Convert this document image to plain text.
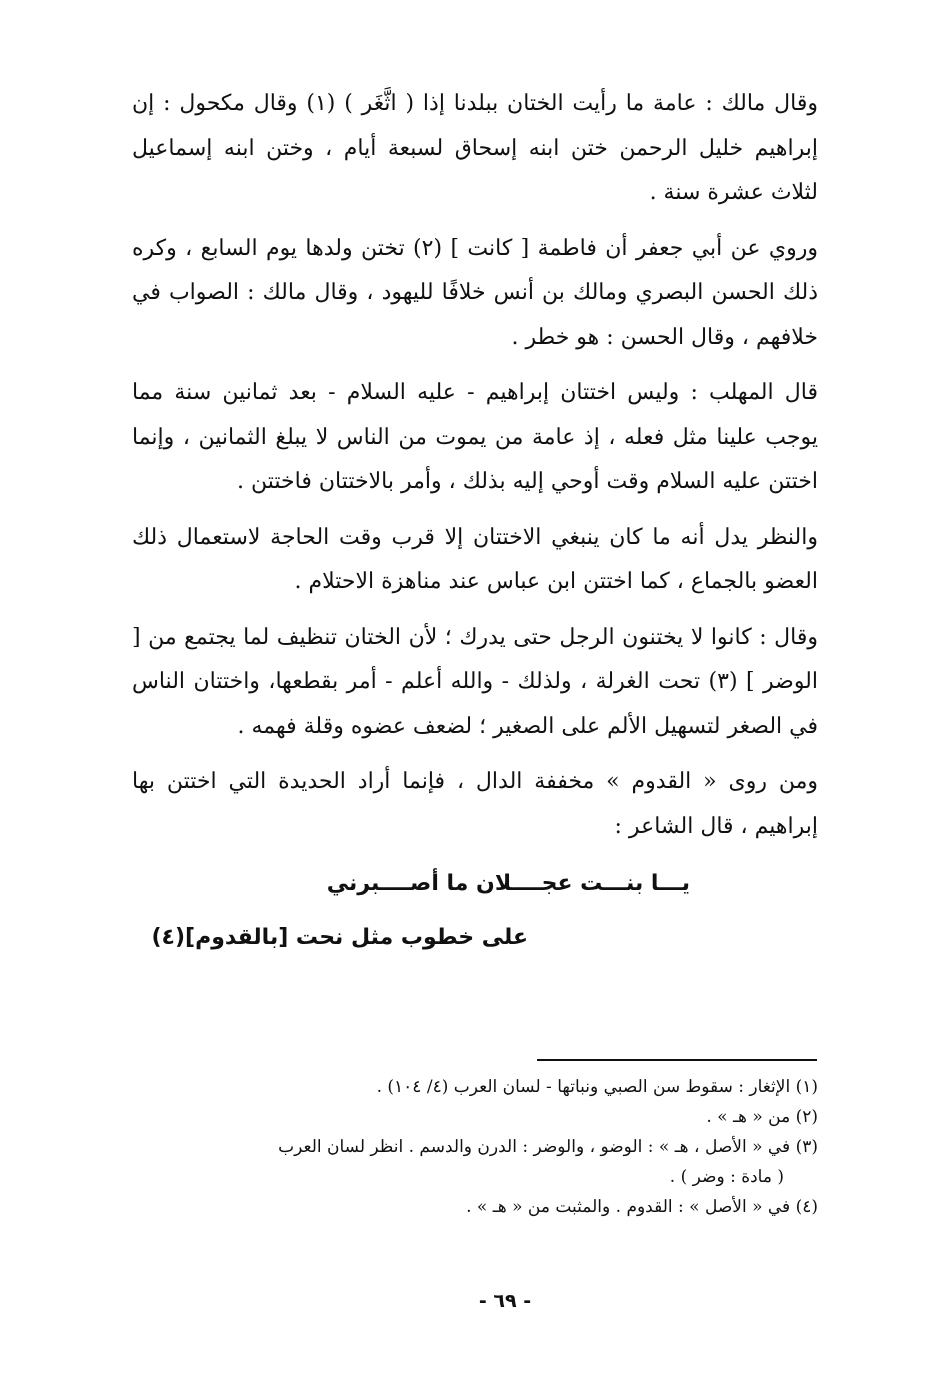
وقال مالك : عامة ما رأيت الختان ببلدنا إذا ( اثَّغَر ) (١) وقال مكحول : إن إبراهيم خليل الرحمن ختن ابنه إسحاق لسبعة أيام ، وختن ابنه إسماعيل لثلاث عشرة سنة .

وروي عن أبي جعفر أن فاطمة [ كانت ] (٢) تختن ولدها يوم السابع ، وكره ذلك الحسن البصري ومالك بن أنس خلافًا لليهود ، وقال مالك : الصواب في خلافهم ، وقال الحسن : هو خطر .

قال المهلب : وليس اختتان إبراهيم - عليه السلام - بعد ثمانين سنة مما يوجب علينا مثل فعله ، إذ عامة من يموت من الناس لا يبلغ الثمانين ، وإنما اختتن عليه السلام وقت أوحي إليه بذلك ، وأمر بالاختتان فاختتن .

والنظر يدل أنه ما كان ينبغي الاختتان إلا قرب وقت الحاجة لاستعمال ذلك العضو بالجماع ، كما اختتن ابن عباس عند مناهزة الاحتلام .

وقال : كانوا لا يختنون الرجل حتى يدرك ؛ لأن الختان تنظيف لما يجتمع من [ الوضر ] (٣) تحت الغرلة ، ولذلك - والله أعلم - أمر بقطعها، واختتان الناس في الصغر لتسهيل الألم على الصغير ؛ لضعف عضوه وقلة فهمه .

ومن روى « القدوم » مخففة الدال ، فإنما أراد الحديدة التي اختتن بها إبراهيم ، قال الشاعر :

يـــا بنـــت عجــــلان ما أصــــبرني
على خطوب مثل نحت [بالقدوم](٤)

(١) الإثغار : سقوط سن الصبي ونباتها - لسان العرب (٤/ ١٠٤) .

(٢) من « هـ » .

(٣) في « الأصل ، هـ » : الوضو ، والوضر : الدرن والدسم . انظر لسان العرب

( مادة : وضر ) .

(٤) في « الأصل » : القدوم . والمثبت من « هـ » .

- ٦٩ -
